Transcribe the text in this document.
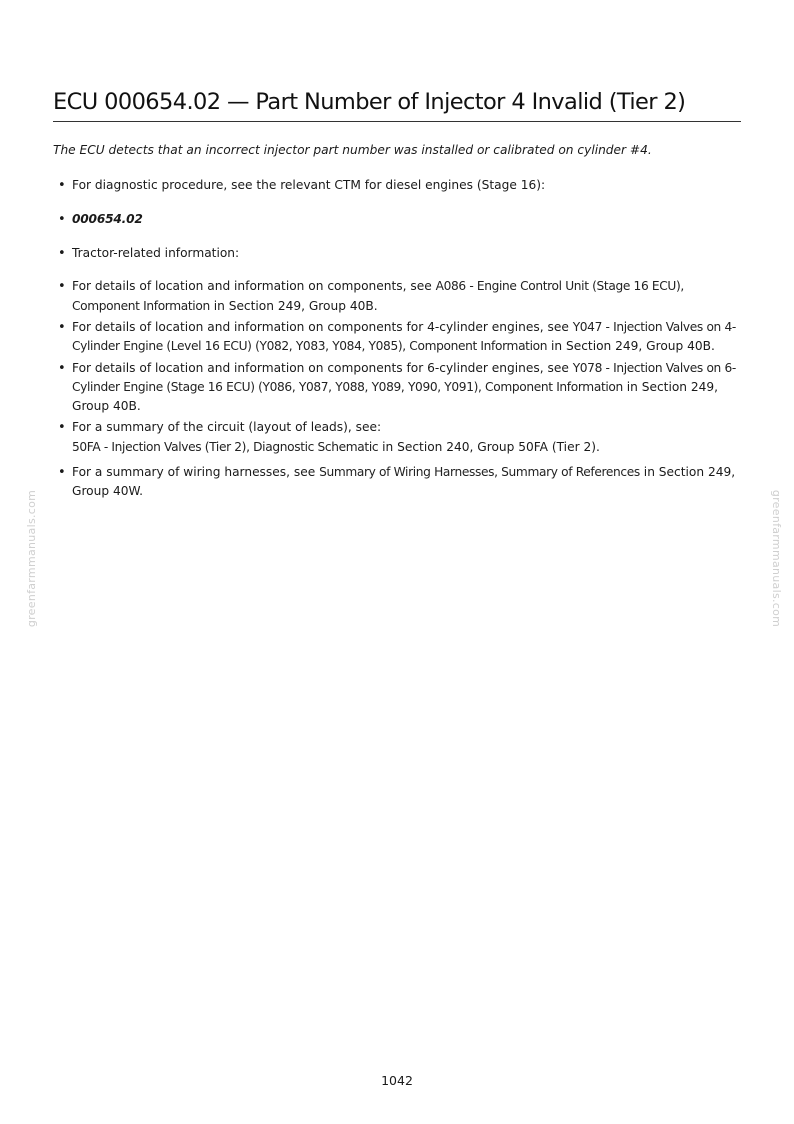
ECU 000654.02 — Part Number of Injector 4 Invalid (Tier 2)

The ECU detects that an incorrect injector part number was installed or calibrated on cylinder #4.

• For diagnostic procedure, see the relevant CTM for diesel engines (Stage 16):
• 000654.02
• Tractor-related information:
• For details of location and information on components, see A086 - Engine Control Unit (Stage 16 ECU), Component Information in Section 249, Group 40B.
• For details of location and information on components for 4-cylinder engines, see Y047 - Injection Valves on 4-Cylinder Engine (Level 16 ECU) (Y082, Y083, Y084, Y085), Component Information in Section 249, Group 40B.
• For details of location and information on components for 6-cylinder engines, see Y078 - Injection Valves on 6-Cylinder Engine (Stage 16 ECU) (Y086, Y087, Y088, Y089, Y090, Y091), Component Information in Section 249, Group 40B.
• For a summary of the circuit (layout of leads), see:
50FA - Injection Valves (Tier 2), Diagnostic Schematic in Section 240, Group 50FA (Tier 2).
• For a summary of wiring harnesses, see Summary of Wiring Harnesses, Summary of References in Section 249, Group 40W.
greenfarmmanuals.com	greenfarmmanuals.com
1042
